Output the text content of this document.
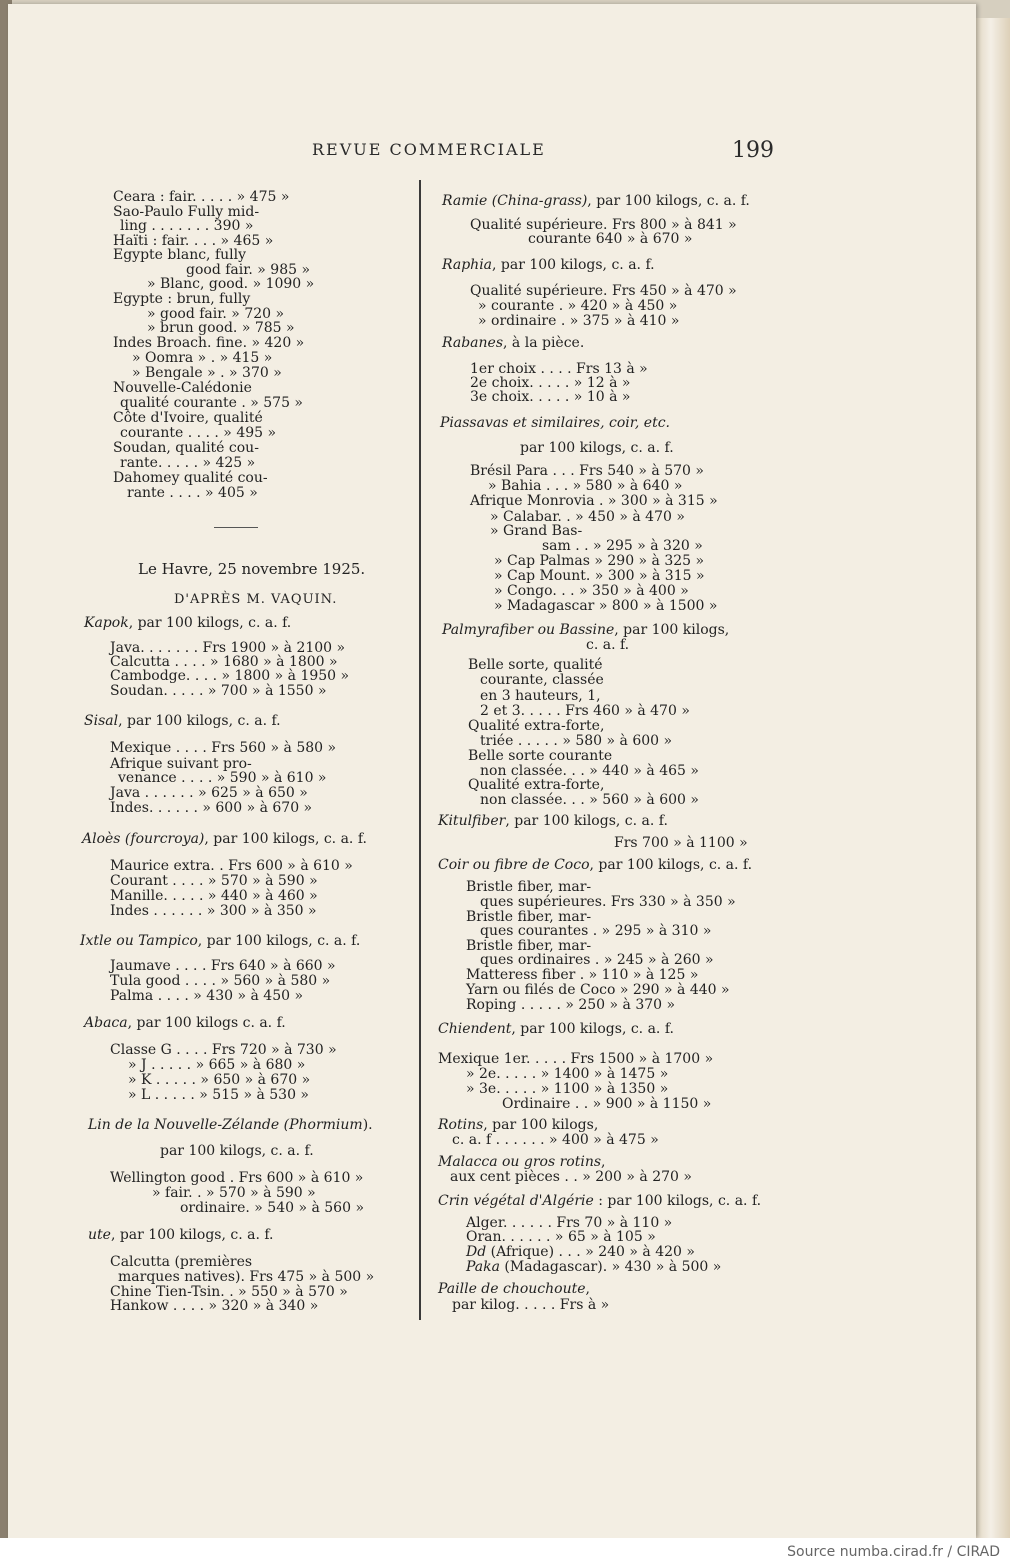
REVUE COMMERCIALE	199
Ceara : fair. . . . . » 475 »
Sao-Paulo Fully mid-
ling . . . . . . . 390 »
Haïti : fair. . . . » 465 »
Egypte blanc, fully
good fair. » 985 »
» Blanc, good. » 1090 »
Egypte : brun, fully
» good fair. » 720 »
» brun good. » 785 »
Indes Broach. fine. » 420 »
» Oomra » . » 415 »
» Bengale » . » 370 »
Nouvelle-Calédonie
qualité courante . » 575 »
Côte d'Ivoire, qualité
courante . . . . » 495 »
Soudan, qualité cou-
rante. . . . . » 425 »
Dahomey qualité cou-
rante . . . . » 405 »
Le Havre, 25 novembre 1925.
D'APRÈS M. VAQUIN.
Kapok, par 100 kilogs, c. a. f.
Java. . . . . . . Frs 1900 » à 2100 »
Calcutta . . . . » 1680 » à 1800 »
Cambodge. . . . » 1800 » à 1950 »
Soudan. . . . . » 700 » à 1550 »
Sisal, par 100 kilogs, c. a. f.
Mexique . . . . Frs 560 » à 580 »
Afrique suivant pro-
venance . . . . » 590 » à 610 »
Java . . . . . . » 625 » à 650 »
Indes. . . . . . » 600 » à 670 »
Aloès (fourcroya), par 100 kilogs, c. a. f.
Maurice extra. . Frs 600 » à 610 »
Courant . . . . » 570 » à 590 »
Manille. . . . . » 440 » à 460 »
Indes . . . . . . » 300 » à 350 »
Ixtle ou Tampico, par 100 kilogs, c. a. f.
Jaumave . . . . Frs 640 » à 660 »
Tula good . . . . » 560 » à 580 »
Palma . . . . » 430 » à 450 »
Abaca, par 100 kilogs c. a. f.
Classe G . . . . Frs 720 » à 730 »
» J . . . . . » 665 » à 680 »
» K . . . . . » 650 » à 670 »
» L . . . . . » 515 » à 530 »
Lin de la Nouvelle-Zélande (Phormium).
par 100 kilogs, c. a. f.
Wellington good . Frs 600 » à 610 »
» fair. . » 570 » à 590 »
ordinaire. » 540 » à 560 »
ute, par 100 kilogs, c. a. f.
Calcutta (premières
marques natives). Frs 475 » à 500 »
Chine Tien-Tsin. . » 550 » à 570 »
Hankow . . . . » 320 » à 340 »
Ramie (China-grass), par 100 kilogs, c. a. f.
Qualité supérieure. Frs 800 » à 841 »
courante 640 » à 670 »
Raphia, par 100 kilogs, c. a. f.
Qualité supérieure. Frs 450 » à 470 »
» courante . » 420 » à 450 »
» ordinaire . » 375 » à 410 »
Rabanes, à la pièce.
1er choix . . . . Frs 13 à »
2e choix. . . . . » 12 à »
3e choix. . . . . » 10 à »
Piassavas et similaires, coir, etc.
par 100 kilogs, c. a. f.
Brésil Para . . . Frs 540 » à 570 »
» Bahia . . . » 580 » à 640 »
Afrique Monrovia . » 300 » à 315 »
» Calabar. . » 450 » à 470 »
» Grand Bas-
sam . . » 295 » à 320 »
» Cap Palmas » 290 » à 325 »
» Cap Mount. » 300 » à 315 »
» Congo. . . » 350 » à 400 »
» Madagascar » 800 » à 1500 »
Palmyrafiber ou Bassine, par 100 kilogs,
c. a. f.
Belle sorte, qualité
courante, classée
en 3 hauteurs, 1,
2 et 3. . . . . Frs 460 » à 470 »
Qualité extra-forte,
triée . . . . . » 580 » à 600 »
Belle sorte courante
non classée. . . » 440 » à 465 »
Qualité extra-forte,
non classée. . . » 560 » à 600 »
Kitulfiber, par 100 kilogs, c. a. f.
Frs 700 » à 1100 »
Coir ou fibre de Coco, par 100 kilogs, c. a. f.
Bristle fiber, mar-
ques supérieures. Frs 330 » à 350 »
Bristle fiber, mar-
ques courantes . » 295 » à 310 »
Bristle fiber, mar-
ques ordinaires . » 245 » à 260 »
Matteress fiber . » 110 » à 125 »
Yarn ou filés de Coco » 290 » à 440 »
Roping . . . . . » 250 » à 370 »
Chiendent, par 100 kilogs, c. a. f.
Mexique 1er. . . . . Frs 1500 » à 1700 »
» 2e. . . . . » 1400 » à 1475 »
» 3e. . . . . » 1100 » à 1350 »
Ordinaire . . » 900 » à 1150 »
Rotins, par 100 kilogs,
c. a. f . . . . . . » 400 » à 475 »
Malacca ou gros rotins,
aux cent pièces . . » 200 » à 270 »
Crin végétal d'Algérie : par 100 kilogs, c. a. f.
Alger. . . . . . Frs 70 » à 110 »
Oran. . . . . . » 65 » à 105 »
Dd (Afrique) . . . » 240 » à 420 »
Paka (Madagascar). » 430 » à 500 »
Paille de chouchoute,
par kilog. . . . . Frs à »
Source numba.cirad.fr / CIRAD
